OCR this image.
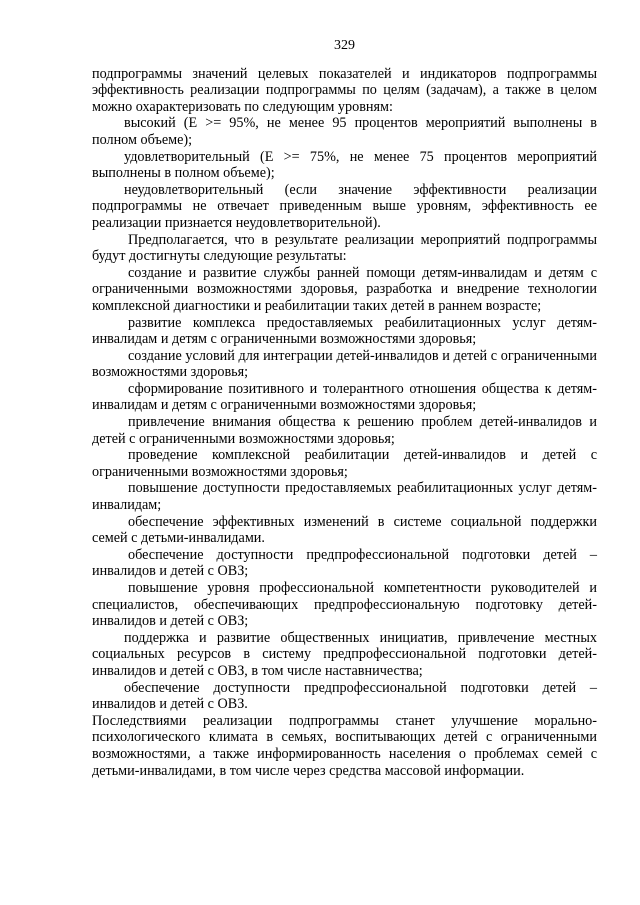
329

подпрограммы значений целевых показателей и индикаторов подпрограммы эффективность реализации подпрограммы по целям (задачам), а также в целом можно охарактеризовать по следующим уровням:

высокий (Е >= 95%, не менее 95 процентов мероприятий выполнены в полном объеме);

удовлетворительный (Е >= 75%, не менее 75 процентов мероприятий выполнены в полном объеме);

неудовлетворительный (если значение эффективности реализации подпрограммы не отвечает приведенным выше уровням, эффективность ее реализации признается неудовлетворительной).

Предполагается, что в результате реализации мероприятий подпрограммы будут достигнуты следующие результаты:

создание и развитие службы ранней помощи детям-инвалидам и детям с ограниченными возможностями здоровья, разработка и внедрение технологии комплексной диагностики и реабилитации таких детей в раннем возрасте;

развитие комплекса предоставляемых реабилитационных услуг детям-инвалидам и детям с ограниченными возможностями здоровья;

создание условий для интеграции детей-инвалидов и детей с ограниченными возможностями здоровья;

сформирование позитивного и толерантного отношения общества к детям-инвалидам и детям с ограниченными возможностями здоровья;

привлечение внимания общества к решению проблем детей-инвалидов и детей с ограниченными возможностями здоровья;

проведение комплексной реабилитации детей-инвалидов и детей с ограниченными возможностями здоровья;

повышение доступности предоставляемых реабилитационных услуг детям-инвалидам;

обеспечение эффективных изменений в системе социальной поддержки семей с детьми-инвалидами.

обеспечение доступности предпрофессиональной подготовки детей – инвалидов и детей с ОВЗ;

повышение уровня профессиональной компетентности руководителей и специалистов, обеспечивающих предпрофессиональную подготовку детей-инвалидов и детей с ОВЗ;

поддержка и развитие общественных инициатив, привлечение местных социальных ресурсов в систему предпрофессиональной подготовки детей-инвалидов и детей с ОВЗ, в том числе наставничества;

обеспечение доступности предпрофессиональной подготовки детей – инвалидов и детей с ОВЗ.

Последствиями реализации подпрограммы станет улучшение морально-психологического климата в семьях, воспитывающих детей с ограниченными возможностями, а также информированность населения о проблемах семей с детьми-инвалидами, в том числе через средства массовой информации.
